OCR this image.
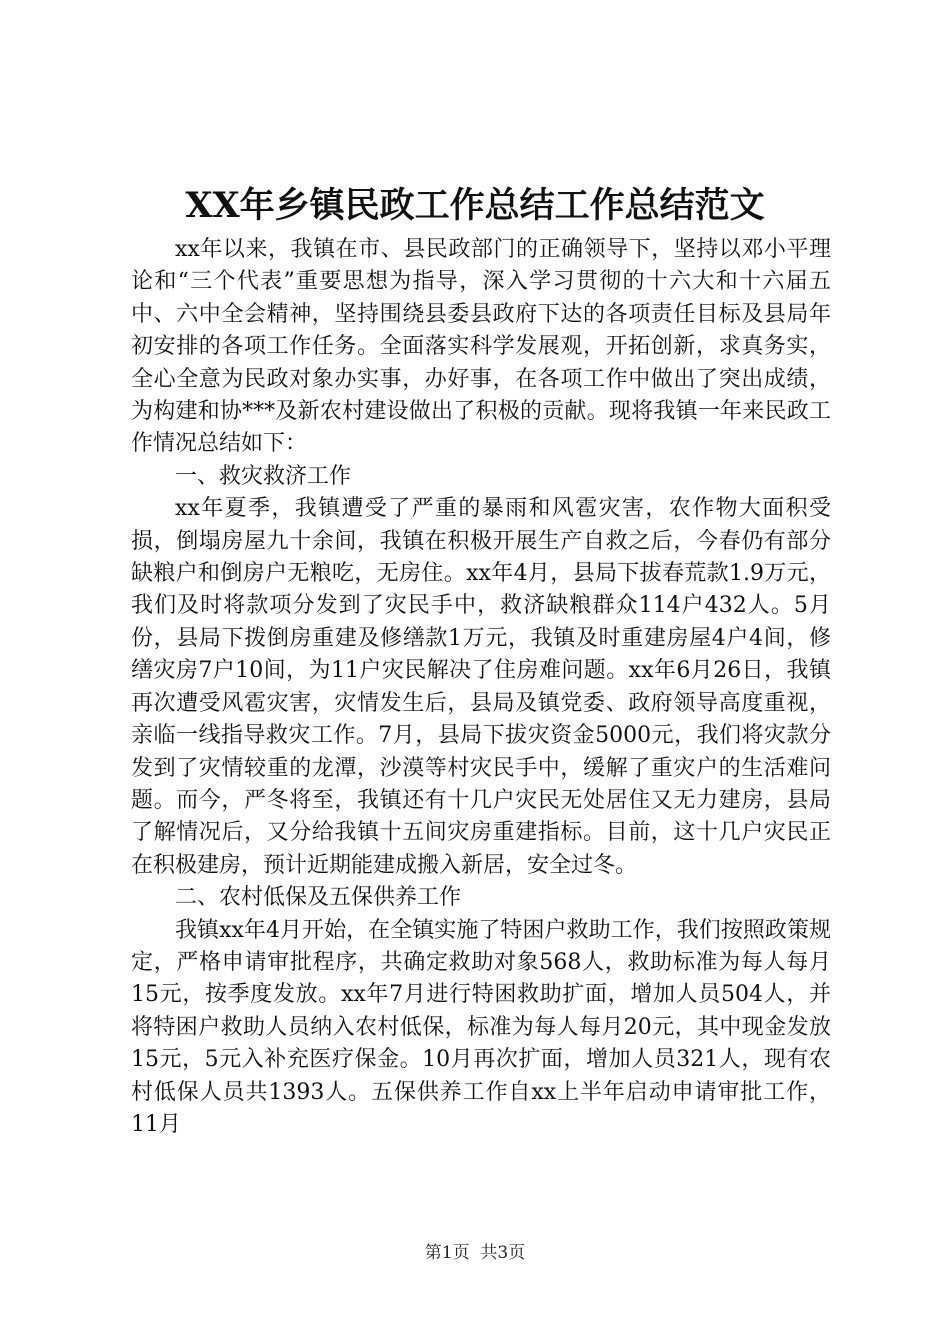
XX年乡镇民政工作总结工作总结范文

xx年以来，我镇在市、县民政部门的正确领导下，坚持以邓小平理论和“三个代表”重要思想为指导，深入学习贯彻的十六大和十六届五中、六中全会精神，坚持围绕县委县政府下达的各项责任目标及县局年初安排的各项工作任务。全面落实科学发展观，开拓创新，求真务实，全心全意为民政对象办实事，办好事，在各项工作中做出了突出成绩，为构建和协***及新农村建设做出了积极的贡献。现将我镇一年来民政工作情况总结如下：

一、救灾救济工作

xx年夏季，我镇遭受了严重的暴雨和风雹灾害，农作物大面积受损，倒塌房屋九十余间，我镇在积极开展生产自救之后，今春仍有部分缺粮户和倒房户无粮吃，无房住。xx年4月，县局下拔春荒款1.9万元，我们及时将款项分发到了灾民手中，救济缺粮群众114户432人。5月份，县局下拨倒房重建及修缮款1万元，我镇及时重建房屋4户4间，修缮灾房7户10间，为11户灾民解决了住房难问题。xx年6月26日，我镇再次遭受风雹灾害，灾情发生后，县局及镇党委、政府领导高度重视，亲临一线指导救灾工作。7月，县局下拔灾资金5000元，我们将灾款分发到了灾情较重的龙潭，沙漠等村灾民手中，缓解了重灾户的生活难问题。而今，严冬将至，我镇还有十几户灾民无处居住又无力建房，县局了解情况后，又分给我镇十五间灾房重建指标。目前，这十几户灾民正在积极建房，预计近期能建成搬入新居，安全过冬。

二、农村低保及五保供养工作

我镇xx年4月开始，在全镇实施了特困户救助工作，我们按照政策规定，严格申请审批程序，共确定救助对象568人，救助标准为每人每月15元，按季度发放。xx年7月进行特困救助扩面，增加人员504人，并将特困户救助人员纳入农村低保，标准为每人每月20元，其中现金发放15元，5元入补充医疗保金。10月再次扩面，增加人员321人，现有农村低保人员共1393人。五保供养工作自xx上半年启动申请审批工作，11月

第1页  共3页
